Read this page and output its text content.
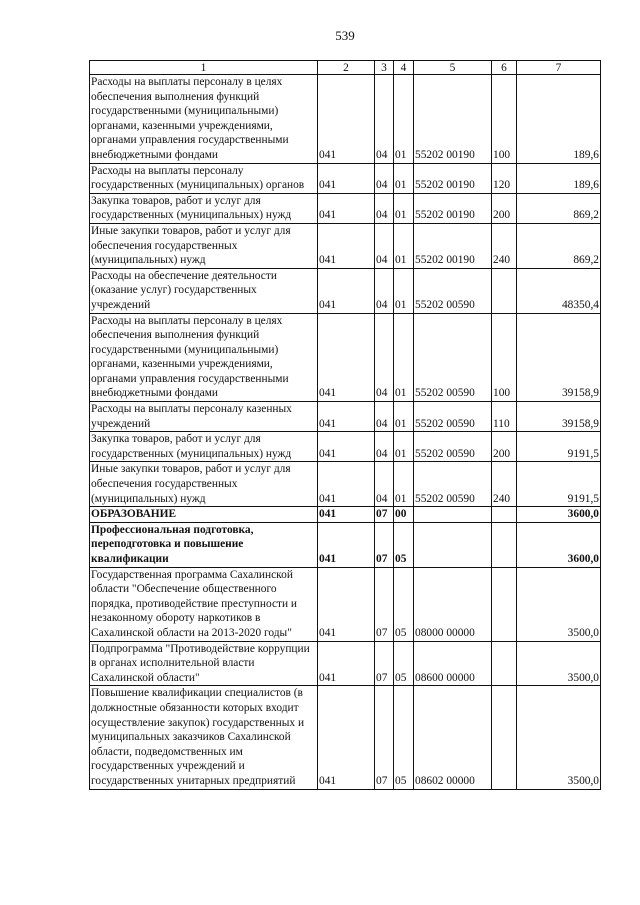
539
1	2	3	4	5	6	7
Расходы на выплаты персоналу в целях обеспечения выполнения функций государственными (муниципальными) органами, казенными учреждениями, органами управления государственными внебюджетными фондами	041	04	01	55202 00190	100	189,6
Расходы на выплаты персоналу государственных (муниципальных) органов	041	04	01	55202 00190	120	189,6
Закупка товаров, работ и услуг для государственных (муниципальных) нужд	041	04	01	55202 00190	200	869,2
Иные закупки товаров, работ и услуг для обеспечения государственных (муниципальных) нужд	041	04	01	55202 00190	240	869,2
Расходы на обеспечение деятельности (оказание услуг) государственных учреждений	041	04	01	55202 00590		48350,4
Расходы на выплаты персоналу в целях обеспечения выполнения функций государственными (муниципальными) органами, казенными учреждениями, органами управления государственными внебюджетными фондами	041	04	01	55202 00590	100	39158,9
Расходы на выплаты персоналу казенных учреждений	041	04	01	55202 00590	110	39158,9
Закупка товаров, работ и услуг для государственных (муниципальных) нужд	041	04	01	55202 00590	200	9191,5
Иные закупки товаров, работ и услуг для обеспечения государственных (муниципальных) нужд	041	04	01	55202 00590	240	9191,5
ОБРАЗОВАНИЕ	041	07	00			3600,0
Профессиональная подготовка, переподготовка и повышение квалификации	041	07	05			3600,0
Государственная программа Сахалинской области "Обеспечение общественного порядка, противодействие преступности и незаконному обороту наркотиков в Сахалинской области на 2013-2020 годы"	041	07	05	08000 00000		3500,0
Подпрограмма "Противодействие коррупции в органах исполнительной власти Сахалинской области"	041	07	05	08600 00000		3500,0
Повышение квалификации специалистов (в должностные обязанности которых входит осуществление закупок) государственных и муниципальных заказчиков Сахалинской области, подведомственных им государственных учреждений и государственных унитарных предприятий	041	07	05	08602 00000		3500,0
